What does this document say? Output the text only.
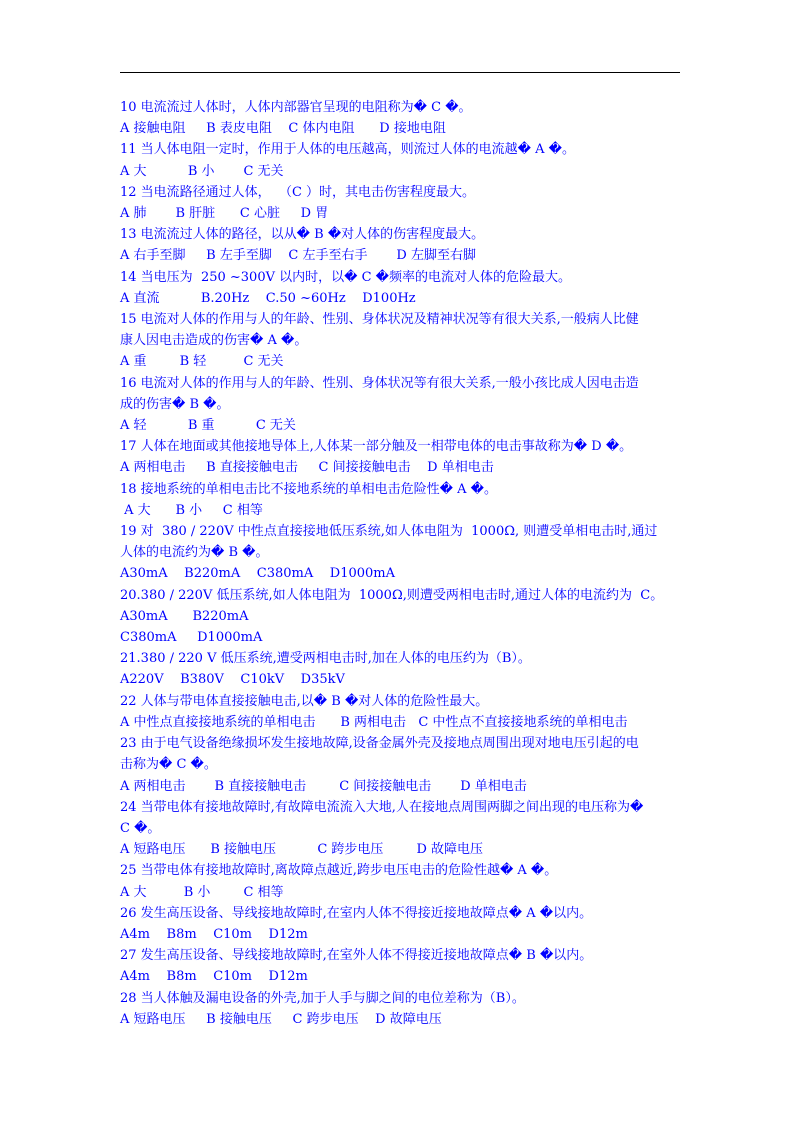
10 电流流过人体时，人体内部器官呈现的电阻称为� C �。
A 接触电阻     B 表皮电阻    C 体内电阻      D 接地电阻
11 当人体电阻一定时，作用于人体的电压越高，则流过人体的电流越� A �。
A 大          B 小       C 无关
12 当电流路径通过人体，  （C ）时，其电击伤害程度最大。
A 肺       B 肝脏      C 心脏     D 胃
13 电流流过人体的路径，以从� B �对人体的伤害程度最大。
A 右手至脚     B 左手至脚    C 左手至右手       D 左脚至右脚
14 当电压为  250 ~300V 以内时，以� C �频率的电流对人体的危险最大。
A 直流          B.20Hz    C.50 ~60Hz    D100Hz
15 电流对人体的作用与人的年龄、性别、身体状况及精神状况等有很大关系,一般病人比健
康人因电击造成的伤害� A �。
A 重        B 轻         C 无关
16 电流对人体的作用与人的年龄、性别、身体状况等有很大关系,一般小孩比成人因电击造
成的伤害� B �。
A 轻          B 重          C 无关
17 人体在地面或其他接地导体上,人体某一部分触及一相带电体的电击事故称为� D �。
A 两相电击     B 直接接触电击     C 间接接触电击    D 单相电击
18 接地系统的单相电击比不接地系统的单相电击危险性� A �。
A 大      B 小     C 相等
19 对  380 / 220V 中性点直接接地低压系统,如人体电阻为  1000Ω, 则遭受单相电击时,通过
人体的电流约为� B �。
A30mA    B220mA    C380mA    D1000mA
20.380 / 220V 低压系统,如人体电阻为  1000Ω,则遭受两相电击时,通过人体的电流约为  C。
A30mA      B220mA
C380mA     D1000mA
21.380 / 220 V 低压系统,遭受两相电击时,加在人体的电压约为（B）。
A220V    B380V    C10kV    D35kV
22 人体与带电体直接接触电击,以� B �对人体的危险性最大。
A 中性点直接接地系统的单相电击      B 两相电击   C 中性点不直接接地系统的单相电击
23 由于电气设备绝缘损坏发生接地故障,设备金属外壳及接地点周围出现对地电压引起的电
击称为� C �。
A 两相电击       B 直接接触电击        C 间接接触电击       D 单相电击
24 当带电体有接地故障时,有故障电流流入大地,人在接地点周围两脚之间出现的电压称为�
C �。
A 短路电压      B 接触电压          C 跨步电压        D 故障电压
25 当带电体有接地故障时,离故障点越近,跨步电压电击的危险性越� A �。
A 大         B 小        C 相等
26 发生高压设备、导线接地故障时,在室内人体不得接近接地故障点� A �以内。
A4m    B8m    C10m    D12m
27 发生高压设备、导线接地故障时,在室外人体不得接近接地故障点� B �以内。
A4m    B8m    C10m    D12m
28 当人体触及漏电设备的外壳,加于人手与脚之间的电位差称为（B）。
A 短路电压     B 接触电压     C 跨步电压    D 故障电压
